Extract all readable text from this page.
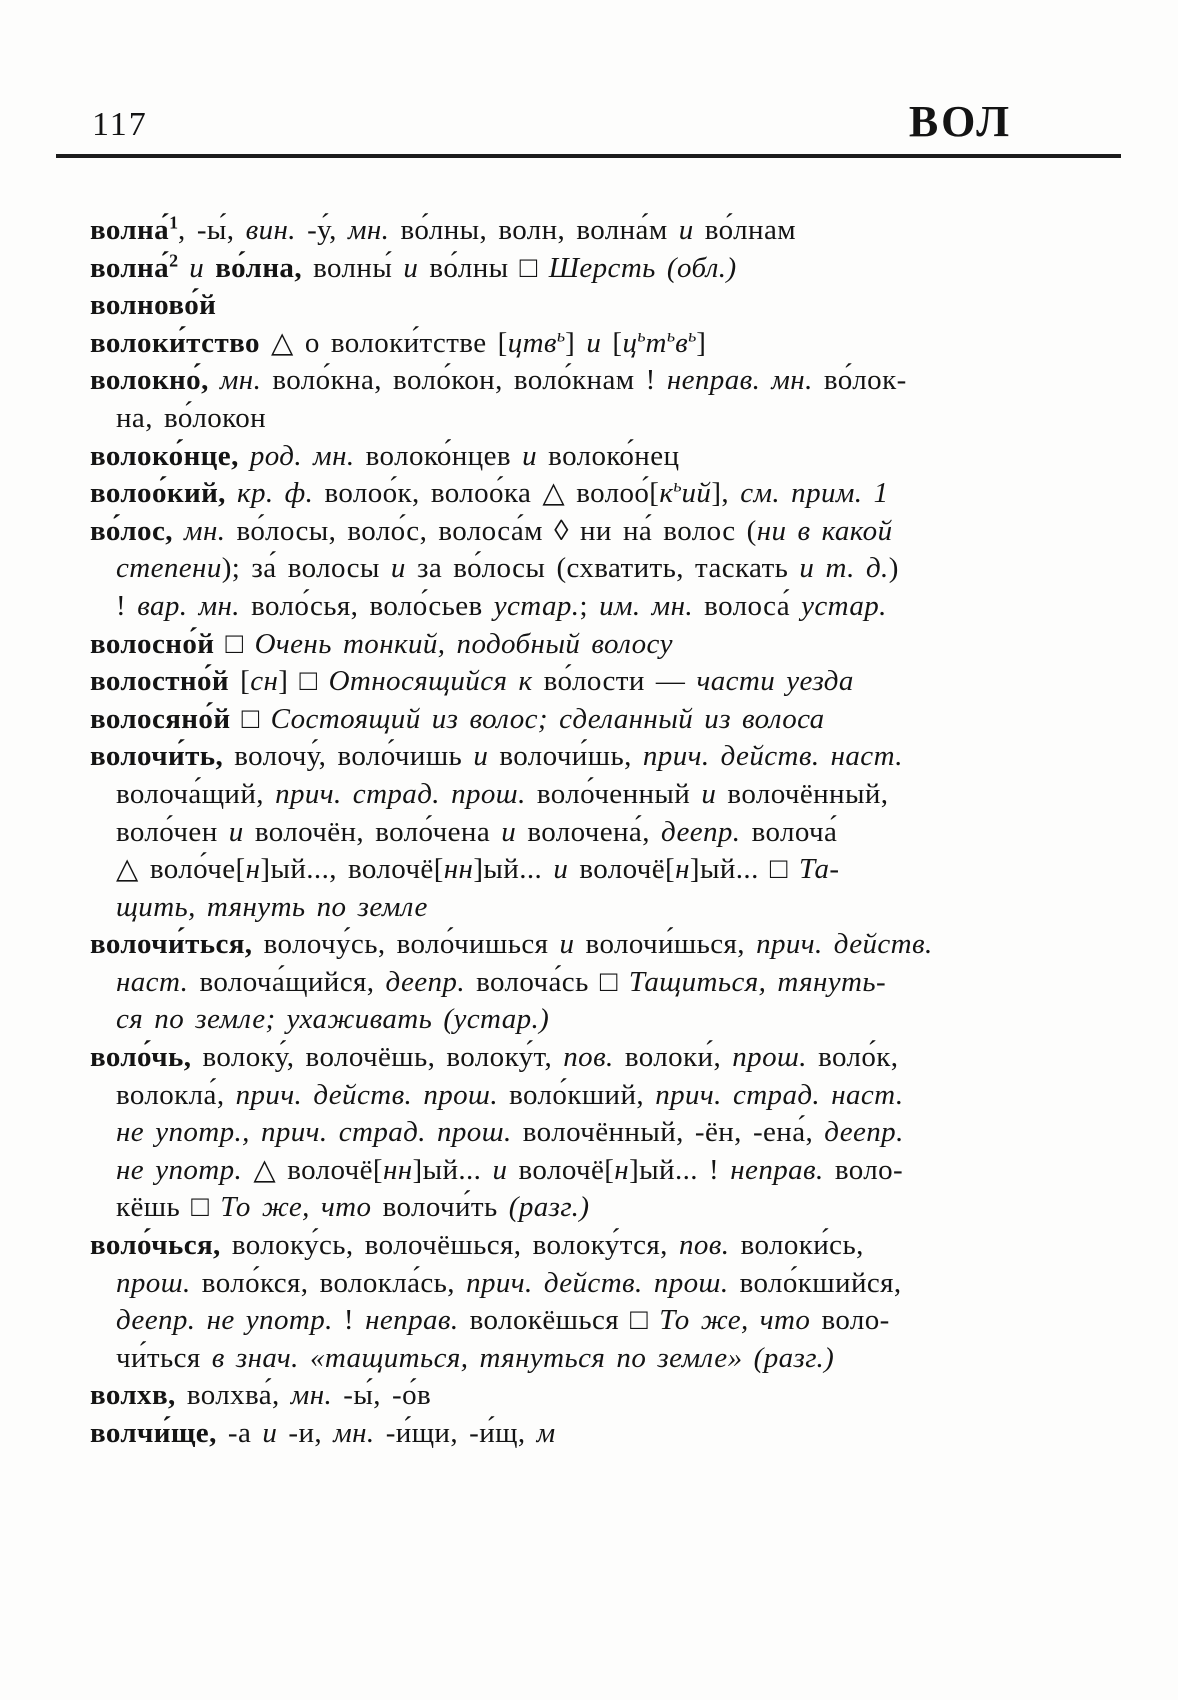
117	ВОЛ

волна́$^1$, -ы́, вин. -у́, мн. во́лны, волн, волна́м и во́лнам

волна́$^2$ и во́лна, волны́ и во́лны □ Шерсть (обл.)

волново́й

волоки́тство △ о волоки́тстве [цтв$^ь$] и $[ц^ьт^ьв^ь]$

волокно́, мн. воло́кна, воло́кон, воло́кнам ! неправ. мн. во́лок-
на, во́локон

волоко́нце, род. мн. волоко́нцев и волоко́нец

волоо́кий, кр. ф. волоо́к, волоо́ка △ $волоо́[к^ьий]$, см. прим. 1

во́лос, мн. во́лосы, воло́с, волоса́м ◊ ни на́ волос (ни в какой
степени); за́ волосы и за во́лосы (схватить, таскать и т. д.)
! вар. мн. воло́сья, воло́сьев устар.; им. мн. волоса́ устар.

волосно́й □ Очень тонкий, подобный волосу

волостно́й [сн] □ Относящийся к во́лости — части уезда

волосяно́й □ Состоящий из волос; сделанный из волоса

волочи́ть, волочу́, воло́чишь и волочи́шь, прич. действ. наст.
волоча́щий, прич. страд. прош. воло́ченный и волочённый,
воло́чен и волочён, воло́чена и волочена́, деепр. волоча́
△ воло́че[н]ый..., волочё[нн]ый... и волочё[н]ый... □ Та-
щить, тянуть по земле

волочи́ться, волочу́сь, воло́чишься и волочи́шься, прич. действ.
наст. волоча́щийся, деепр. волоча́сь □ Тащиться, тянуть-
ся по земле; ухаживать (устар.)

воло́чь, волоку́, волочёшь, волоку́т, пов. волоки́, прош. воло́к,
волокла́, прич. действ. прош. воло́кший, прич. страд. наст.
не употр., прич. страд. прош. волочённый, -ён, -ена́, деепр.
не употр. △ волочё[нн]ый... и волочё[н]ый... ! неправ. воло-
кёшь □ То же, что волочи́ть (разг.)

воло́чься, волоку́сь, волочёшься, волоку́тся, пов. волоки́сь,
прош. воло́кся, волокла́сь, прич. действ. прош. воло́кшийся,
деепр. не употр. ! неправ. волокёшься □ То же, что воло-
чи́ться в знач. «тащиться, тянуться по земле» (разг.)

волхв, волхва́, мн. -ы́, -о́в

волчи́ще, -а и -и, мн. -и́щи, -и́щ, м
